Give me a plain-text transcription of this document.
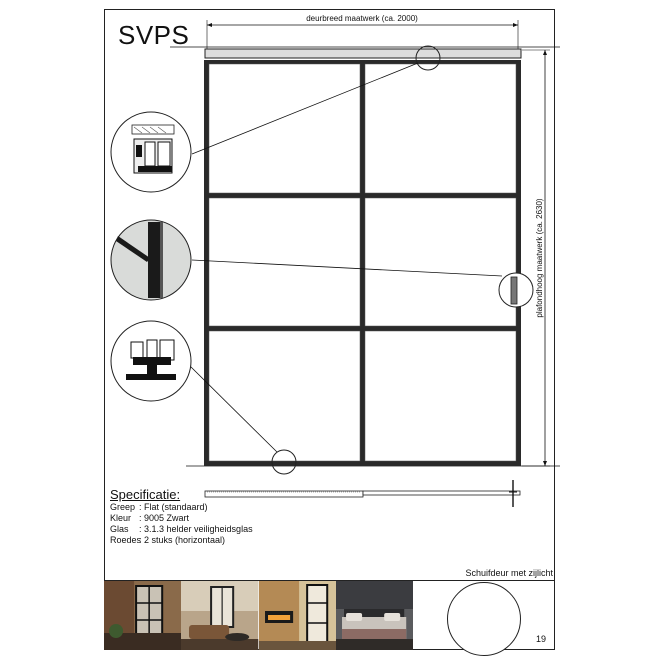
SVPS
deurbreed maatwerk (ca. 2000)
plafondhoog maatwerk (ca. 2630)
Specificatie:
Greep : Flat (standaard)
Kleur : 9005 Zwart
Glas	: 3.1.3 helder veiligheidsglas
Roedes
: 2 stuks (horizontaal)
Schuifdeur met zijlicht
19
